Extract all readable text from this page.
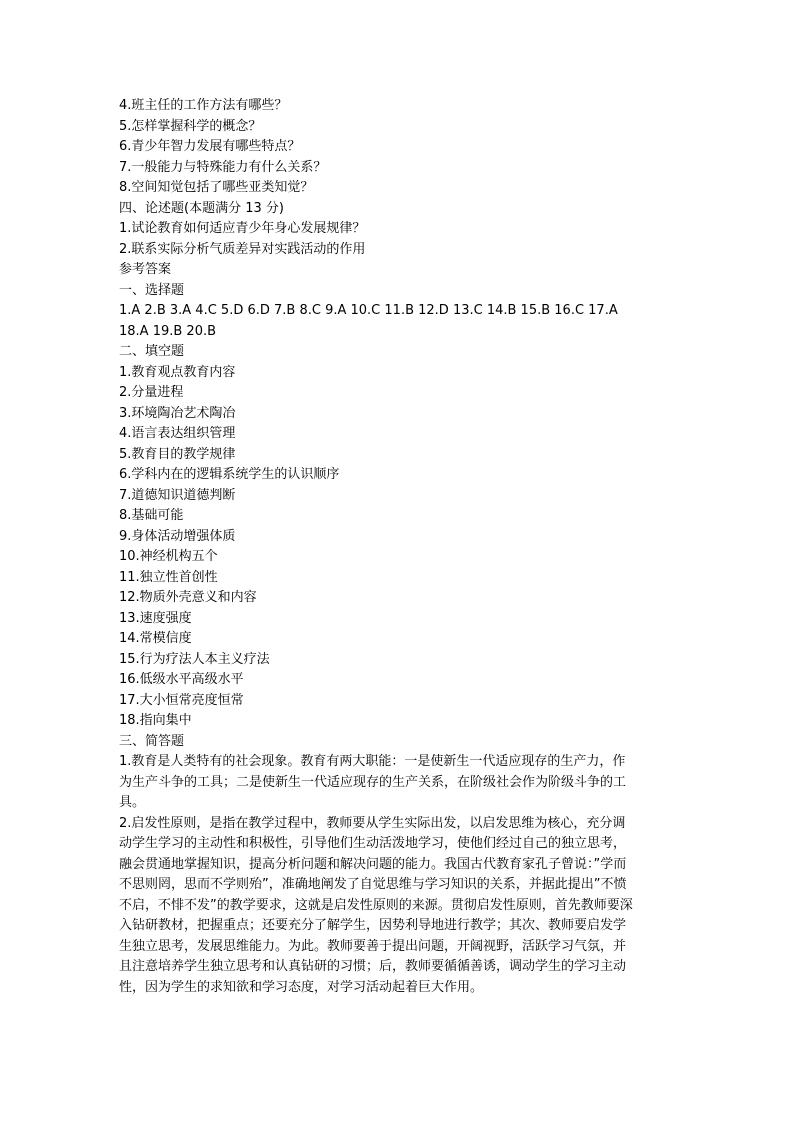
4.班主任的工作方法有哪些？
5.怎样掌握科学的概念？
6.青少年智力发展有哪些特点？
7.一般能力与特殊能力有什么关系？
8.空间知觉包括了哪些亚类知觉？
四、论述题(本题满分 13 分)
1.试论教育如何适应青少年身心发展规律？
2.联系实际分析气质差异对实践活动的作用
参考答案
一、选择题
1.A 2.B 3.A 4.C 5.D 6.D 7.B 8.C 9.A 10.C 11.B 12.D 13.C 14.B 15.B 16.C 17.A
18.A 19.B 20.B
二、填空题
1.教育观点教育内容
2.分量进程
3.环境陶冶艺术陶冶
4.语言表达组织管理
5.教育目的教学规律
6.学科内在的逻辑系统学生的认识顺序
7.道德知识道德判断
8.基础可能
9.身体活动增强体质
10.神经机构五个
11.独立性首创性
12.物质外壳意义和内容
13.速度强度
14.常模信度
15.行为疗法人本主义疗法
16.低级水平高级水平
17.大小恒常亮度恒常
18.指向集中
三、简答题
1.教育是人类特有的社会现象。教育有两大职能：一是使新生一代适应现存的生产力，作
为生产斗争的工具；二是使新生一代适应现存的生产关系，在阶级社会作为阶级斗争的工
具。
2.启发性原则，是指在教学过程中，教师要从学生实际出发，以启发思维为核心，充分调
动学生学习的主动性和积极性，引导他们生动活泼地学习，使他们经过自己的独立思考，
融会贯通地掌握知识，提高分析问题和解决问题的能力。我国古代教育家孔子曾说：”学而
不思则罔，思而不学则殆”，准确地阐发了自觉思维与学习知识的关系，并据此提出”不愤
不启，不悱不发”的教学要求，这就是启发性原则的来源。贯彻启发性原则，首先教师要深
入钻研教材，把握重点；还要充分了解学生，因势利导地进行教学；其次、教师要启发学
生独立思考，发展思维能力。为此。教师要善于提出问题，开阔视野，活跃学习气氛，并
且注意培养学生独立思考和认真钻研的习惯；后，教师要循循善诱，调动学生的学习主动
性，因为学生的求知欲和学习态度，对学习活动起着巨大作用。
